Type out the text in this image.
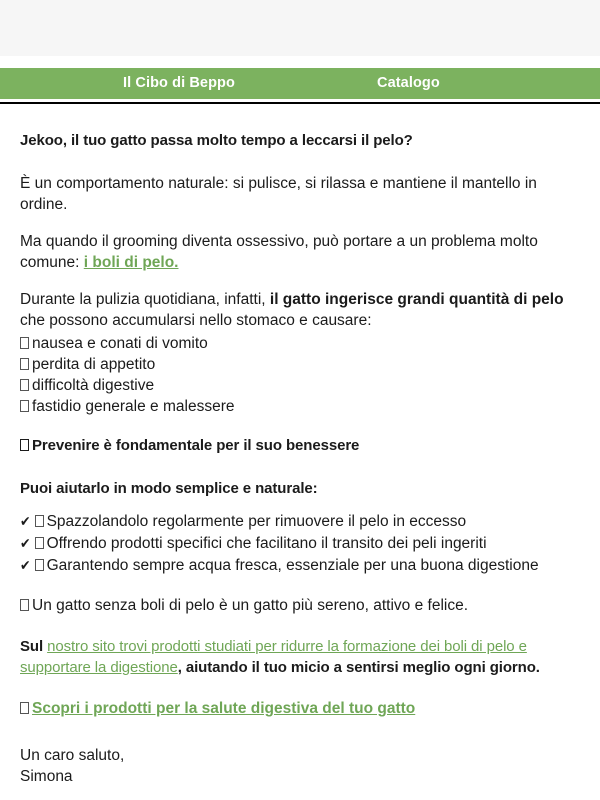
Il Cibo di Beppo	Catalogo

Jekoo, il tuo gatto passa molto tempo a leccarsi il pelo?

È un comportamento naturale: si pulisce, si rilassa e mantiene il mantello in ordine.

Ma quando il grooming diventa ossessivo, può portare a un problema molto comune: i boli di pelo.

Durante la pulizia quotidiana, infatti, il gatto ingerisce grandi quantità di pelo
che possono accumularsi nello stomaco e causare:

nausea e conati di vomito
perdita di appetito
difficoltà digestive
fastidio generale e malessere

Prevenire è fondamentale per il suo benessere

Puoi aiutarlo in modo semplice e naturale:

✔ Spazzolandolo regolarmente per rimuovere il pelo in eccesso
✔ Offrendo prodotti specifici che facilitano il transito dei peli ingeriti
✔ Garantendo sempre acqua fresca, essenziale per una buona digestione

Un gatto senza boli di pelo è un gatto più sereno, attivo e felice.

Sul nostro sito trovi prodotti studiati per ridurre la formazione dei boli di pelo e supportare la digestione, aiutando il tuo micio a sentirsi meglio ogni giorno.

Scopri i prodotti per la salute digestiva del tuo gatto

Un caro saluto,
Simona
